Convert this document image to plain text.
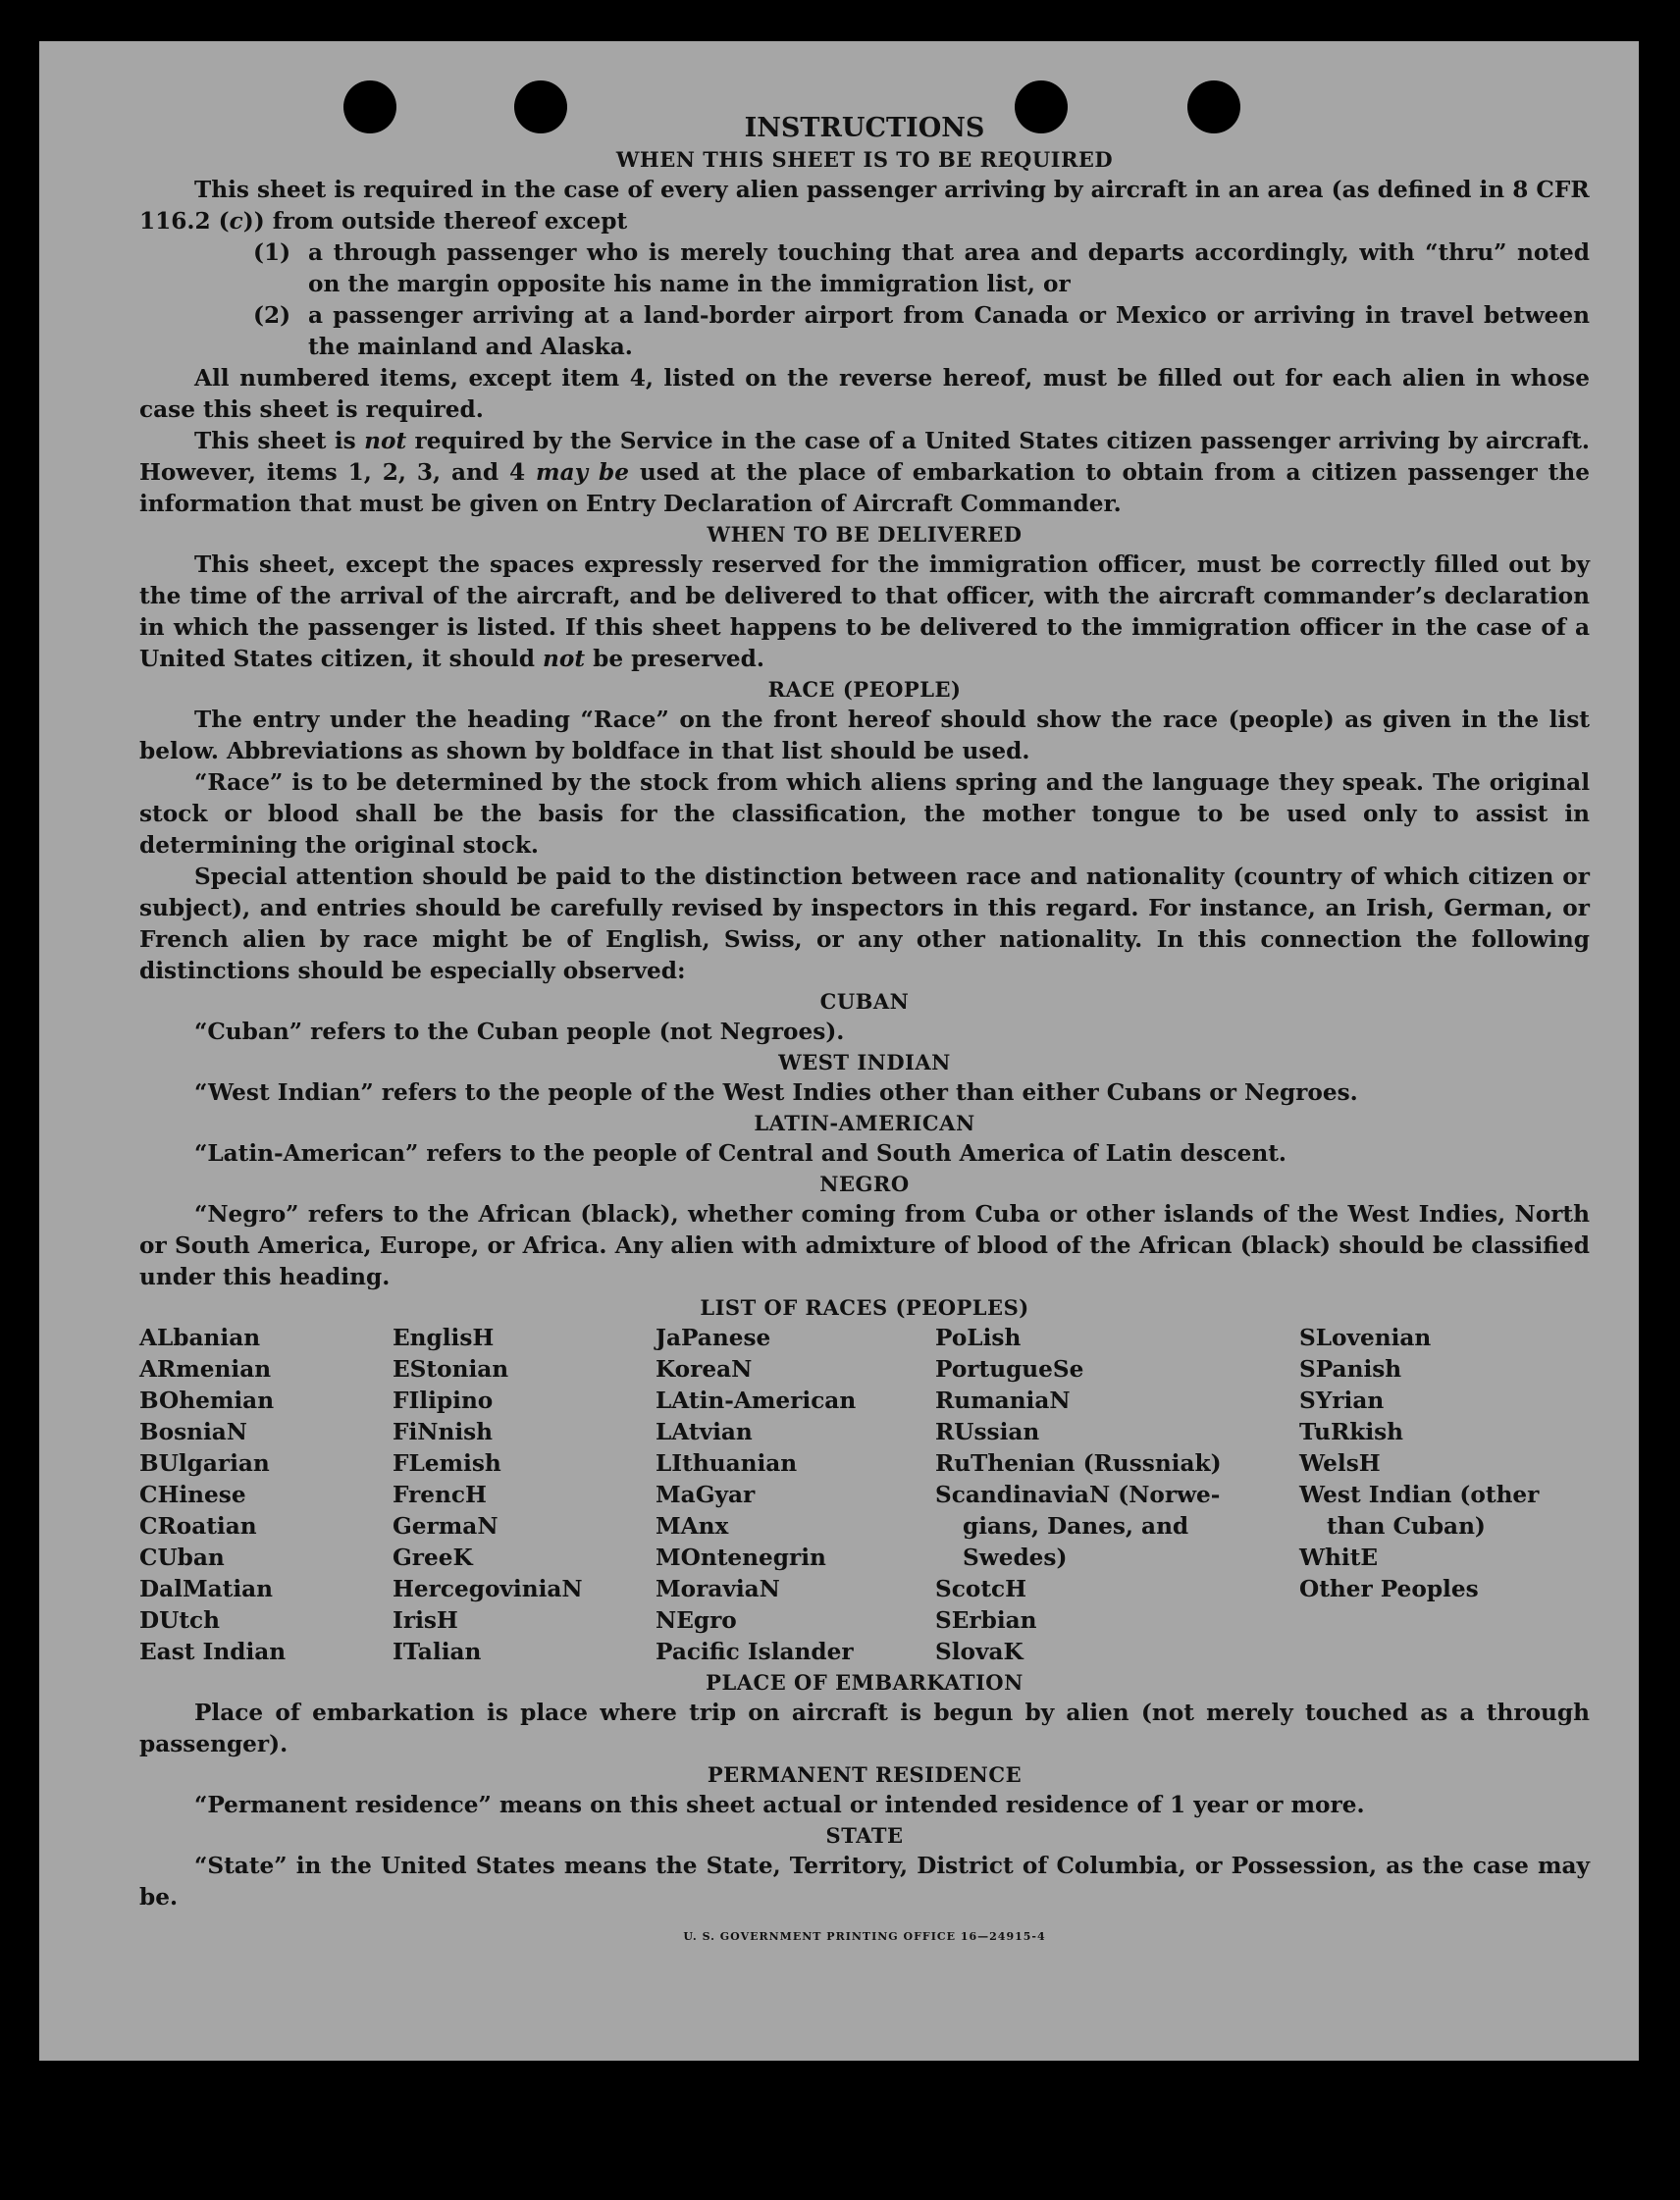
INSTRUCTIONS
WHEN THIS SHEET IS TO BE REQUIRED

This sheet is required in the case of every alien passenger arriving by aircraft in an area (as defined in 8 CFR

116.2 (c)) from outside thereof except

(1) a through passenger who is merely touching that area and departs accordingly, with “thru” noted on the margin opposite his name in the immigration list, or
(2) a passenger arriving at a land-border airport from Canada or Mexico or arriving in travel between the mainland and Alaska.

All numbered items, except item 4, listed on the reverse hereof, must be filled out for each alien in whose case this sheet is required.

This sheet is not required by the Service in the case of a United States citizen passenger arriving by aircraft. However, items 1, 2, 3, and 4 may be used at the place of embarkation to obtain from a citizen passenger the information that must be given on Entry Declaration of Aircraft Commander.

WHEN TO BE DELIVERED

This sheet, except the spaces expressly reserved for the immigration officer, must be correctly filled out by the time of the arrival of the aircraft, and be delivered to that officer, with the aircraft commander’s declaration in which the passenger is listed. If this sheet happens to be delivered to the immigration officer in the case of a United States citizen, it should not be preserved.

RACE (PEOPLE)

The entry under the heading “Race” on the front hereof should show the race (people) as given in the list below. Abbreviations as shown by boldface in that list should be used.

“Race” is to be determined by the stock from which aliens spring and the language they speak. The original stock or blood shall be the basis for the classification, the mother tongue to be used only to assist in determining the original stock.

Special attention should be paid to the distinction between race and nationality (country of which citizen or subject), and entries should be carefully revised by inspectors in this regard. For instance, an Irish, German, or French alien by race might be of English, Swiss, or any other nationality. In this connection the following distinctions should be especially observed:

CUBAN

“Cuban” refers to the Cuban people (not Negroes).

WEST INDIAN

“West Indian” refers to the people of the West Indies other than either Cubans or Negroes.

LATIN-AMERICAN

“Latin-American” refers to the people of Central and South America of Latin descent.

NEGRO

“Negro” refers to the African (black), whether coming from Cuba or other islands of the West Indies, North or South America, Europe, or Africa. Any alien with admixture of blood of the African (black) should be classified under this heading.

LIST OF RACES (PEOPLES)
ALbanian
ARmenian
BOhemian
BosniaN
BUlgarian
CHinese
CRoatian
CUban
DalMatian
DUtch
East Indian
EnglisH
EStonian
FIlipino
FiNnish
FLemish
FrencH
GermaN
GreeK
HercegoviniaN
IrisH
ITalian
JaPanese
KoreaN
LAtin-American
LAtvian
LIthuanian
MaGyar
MAnx
MOntenegrin
MoraviaN
NEgro
Pacific Islander
PoLish
PortugueSe
RumaniaN
RUssian
RuThenian (Russniak)
ScandinaviaN (Norwe-
gians, Danes, and
Swedes)
ScotcH
SErbian
SlovaK
SLovenian
SPanish
SYrian
TuRkish
WelsH
West Indian (other
than Cuban)
WhitE
Other Peoples
PLACE OF EMBARKATION

Place of embarkation is place where trip on aircraft is begun by alien (not merely touched as a through passenger).

PERMANENT RESIDENCE

“Permanent residence” means on this sheet actual or intended residence of 1 year or more.

STATE

“State” in the United States means the State, Territory, District of Columbia, or Possession, as the case may be.

U. S. GOVERNMENT PRINTING OFFICE 16—24915-4
